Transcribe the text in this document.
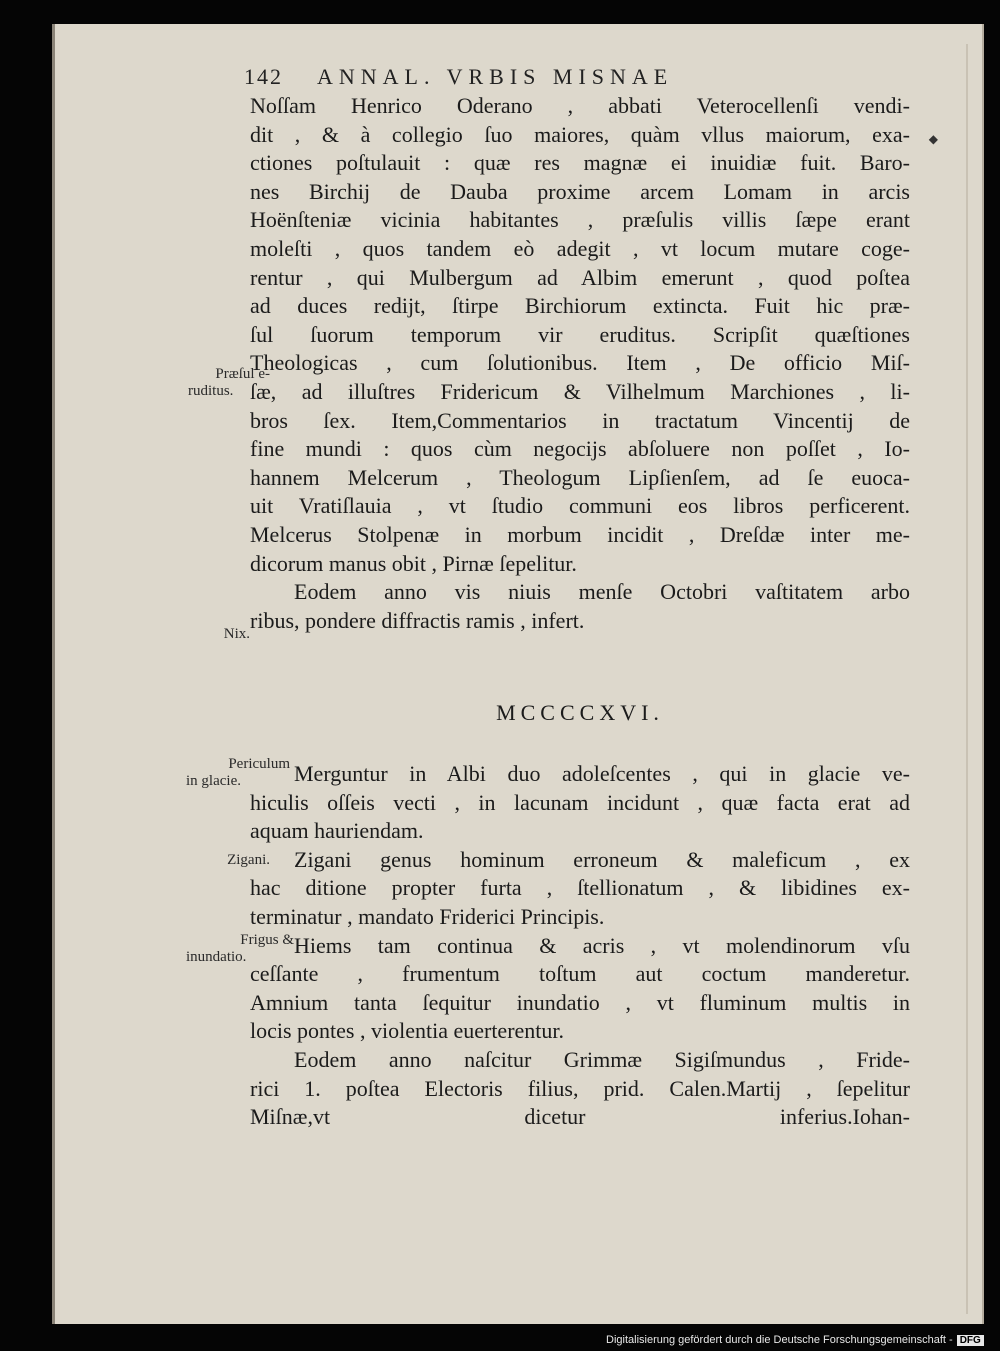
142 ANNAL. VRBIS MISNAE
◆
Noſſam Henrico Oderano , abbati Veterocellenſi vendi-
dit , & à collegio ſuo maiores, quàm vllus maiorum, exa-
ctiones poſtulauit : quæ res magnæ ei inuidiæ fuit. Baro-
nes Birchij de Dauba proxime arcem Lomam in arcis
Hoënſteniæ vicinia habitantes , præſulis villis ſæpe erant
moleſti , quos tandem eò adegit , vt locum mutare coge-
rentur , qui Mulbergum ad Albim emerunt , quod poſtea
ad duces redijt, ſtirpe Birchiorum extincta. Fuit hic præ-
ſul ſuorum temporum vir eruditus. Scripſit quæſtiones
Theologicas , cum ſolutionibus. Item , De officio Miſ-
ſæ, ad illuſtres Fridericum & Vilhelmum Marchiones , li-
bros ſex. Item,Commentarios in tractatum Vincentij de
fine mundi : quos cùm negocijs abſoluere non poſſet , Io-
hannem Melcerum , Theologum Lipſienſem, ad ſe euoca-
uit Vratiſlauia , vt ſtudio communi eos libros perficerent.
Melcerus Stolpenæ in morbum incidit , Dreſdæ inter me-
dicorum manus obit , Pirnæ ſepelitur.
Eodem anno vis niuis menſe Octobri vaſtitatem arbo
ribus, pondere diffractis ramis , infert.
MCCCCXVI.
Merguntur in Albi duo adoleſcentes , qui in glacie ve-
hiculis oſſeis vecti , in lacunam incidunt , quæ facta erat ad
aquam hauriendam.
Zigani genus hominum erroneum & maleficum , ex
hac ditione propter furta , ſtellionatum , & libidines ex-
terminatur , mandato Friderici Principis.
Hiems tam continua & acris , vt molendinorum vſu
ceſſante , frumentum toſtum aut coctum manderetur.
Amnium tanta ſequitur inundatio , vt fluminum multis in
locis pontes , violentia euerterentur.
Eodem anno naſcitur Grimmæ Sigiſmundus , Fride-
rici 1. poſtea Electoris filius, prid. Calen.Martij , ſepelitur
Miſnæ,vt dicetur inferius. Iohan-
Præſul e-
ruditus.
Nix.
Periculum
in glacie.
Zigani.
Frigus &
inundatio.
Digitalisierung gefördert durch die Deutsche Forschungsgemeinschaft - DFG
